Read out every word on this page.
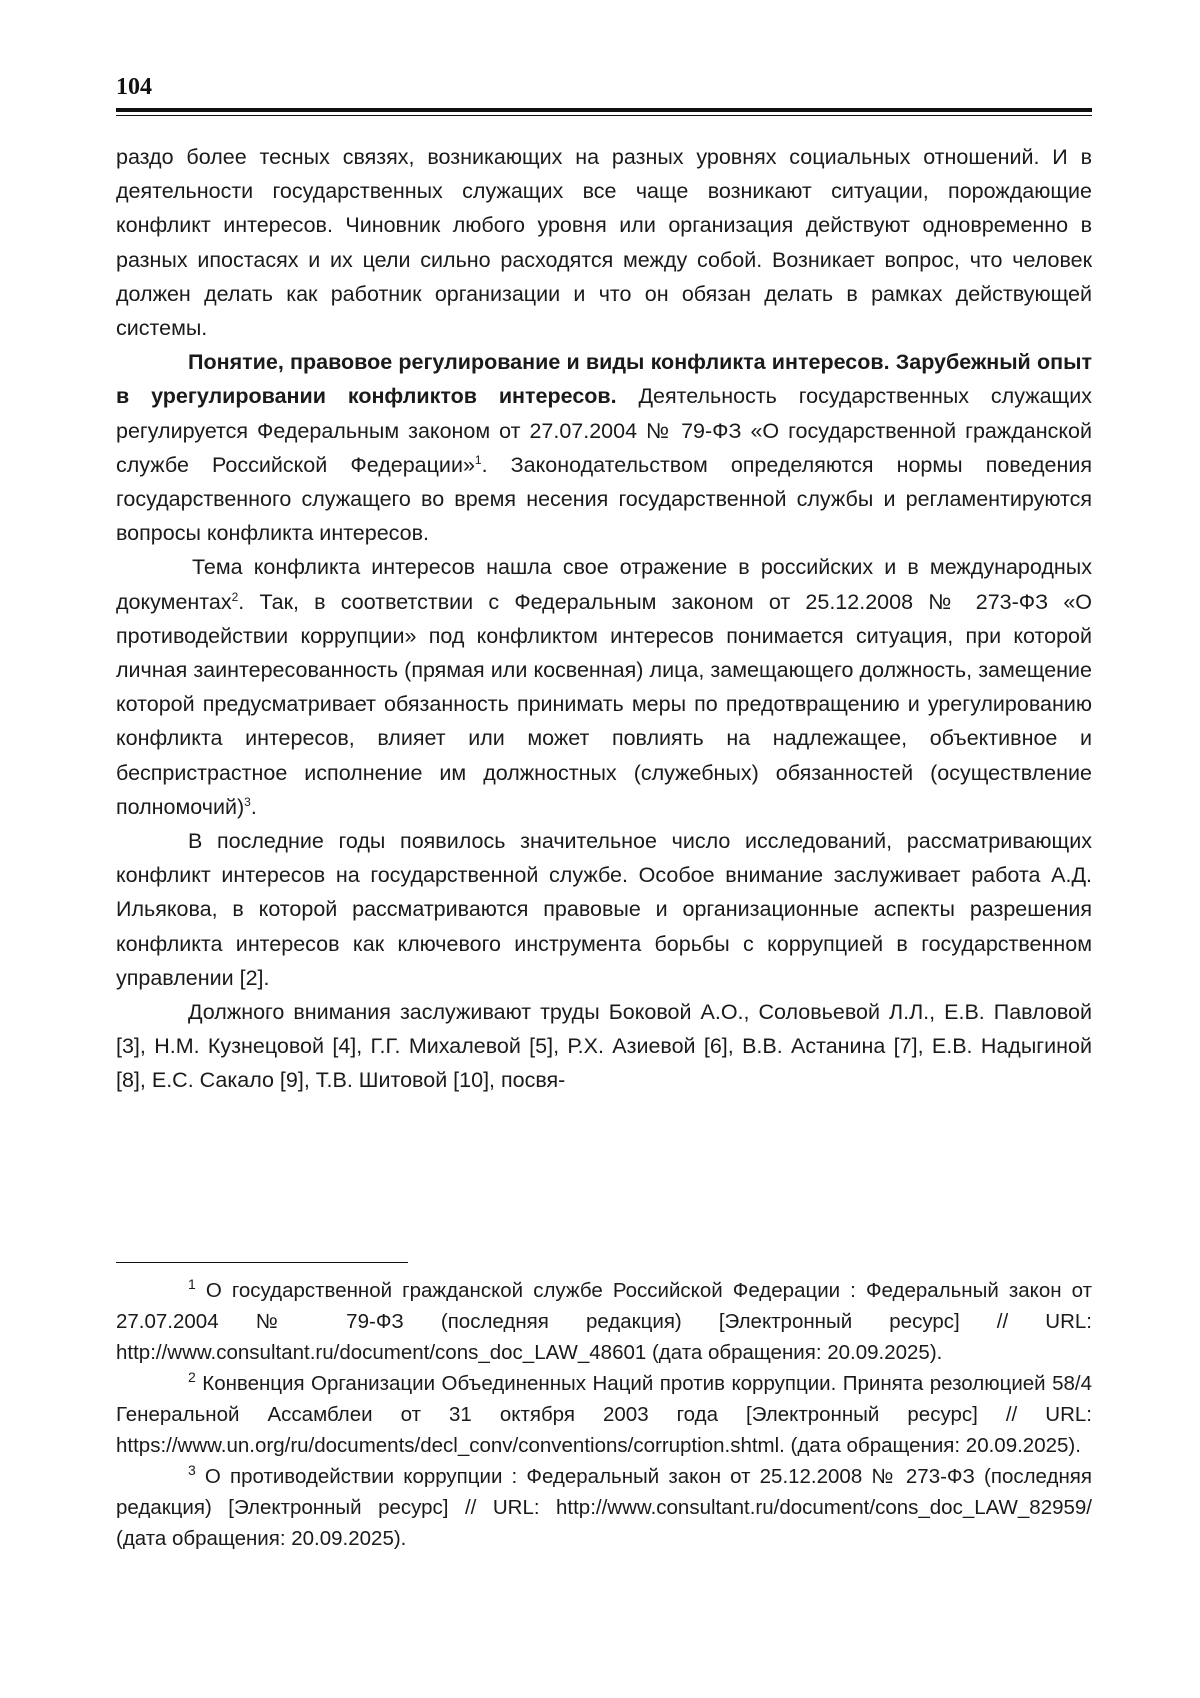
104

раздо более тесных связях, возникающих на разных уровнях социальных отношений. И в деятельности государственных служащих все чаще возникают ситуации, порождающие конфликт интересов. Чиновник любого уровня или организация действуют одновременно в разных ипостасях и их цели сильно расходятся между собой. Возникает вопрос, что человек должен делать как работник организации и что он обязан делать в рамках действующей системы.

Понятие, правовое регулирование и виды конфликта интересов. Зарубежный опыт в урегулировании конфликтов интересов. Деятельность государственных служащих регулируется Федеральным законом от 27.07.2004 № 79-ФЗ «О государственной гражданской службе Российской Федерации»$^1$. Законодательством определяются нормы поведения государственного служащего во время несения государственной службы и регламентируются вопросы конфликта интересов.

Тема конфликта интересов нашла свое отражение в российских и в международных документах$^2$. Так, в соответствии с Федеральным законом от 25.12.2008 № 273-ФЗ «О противодействии коррупции» под конфликтом интересов понимается ситуация, при которой личная заинтересованность (прямая или косвенная) лица, замещающего должность, замещение которой предусматривает обязанность принимать меры по предотвращению и урегулированию конфликта интересов, влияет или может повлиять на надлежащее, объективное и беспристрастное исполнение им должностных (служебных) обязанностей (осуществление полномочий)$^3$.

В последние годы появилось значительное число исследований, рассматривающих конфликт интересов на государственной службе. Особое внимание заслуживает работа А.Д. Ильякова, в которой рассматриваются правовые и организационные аспекты разрешения конфликта интересов как ключевого инструмента борьбы с коррупцией в государственном управлении [2].

Должного внимания заслуживают труды Боковой А.О., Соловьевой Л.Л., Е.В. Павловой [3], Н.М. Кузнецовой [4], Г.Г. Михалевой [5], Р.Х. Азиевой [6], В.В. Астанина [7], Е.В. Надыгиной [8], Е.С. Сакало [9], Т.В. Шитовой [10], посвя-

$^1$ О государственной гражданской службе Российской Федерации : Федеральный закон от 27.07.2004 № 79-ФЗ (последняя редакция) [Электронный ресурс] // URL: http://www.consultant.ru/document/cons_doc_LAW_48601 (дата обращения: 20.09.2025).

$^2$ Конвенция Организации Объединенных Наций против коррупции. Принята резолюцией 58/4 Генеральной Ассамблеи от 31 октября 2003 года [Электронный ресурс] // URL: https://www.un.org/ru/documents/decl_conv/conventions/corruption.shtml. (дата обращения: 20.09.2025).

$^3$ О противодействии коррупции : Федеральный закон от 25.12.2008 № 273-ФЗ (последняя редакция) [Электронный ресурс] // URL: http://www.consultant.ru/document/cons_doc_LAW_82959/ (дата обращения: 20.09.2025).
